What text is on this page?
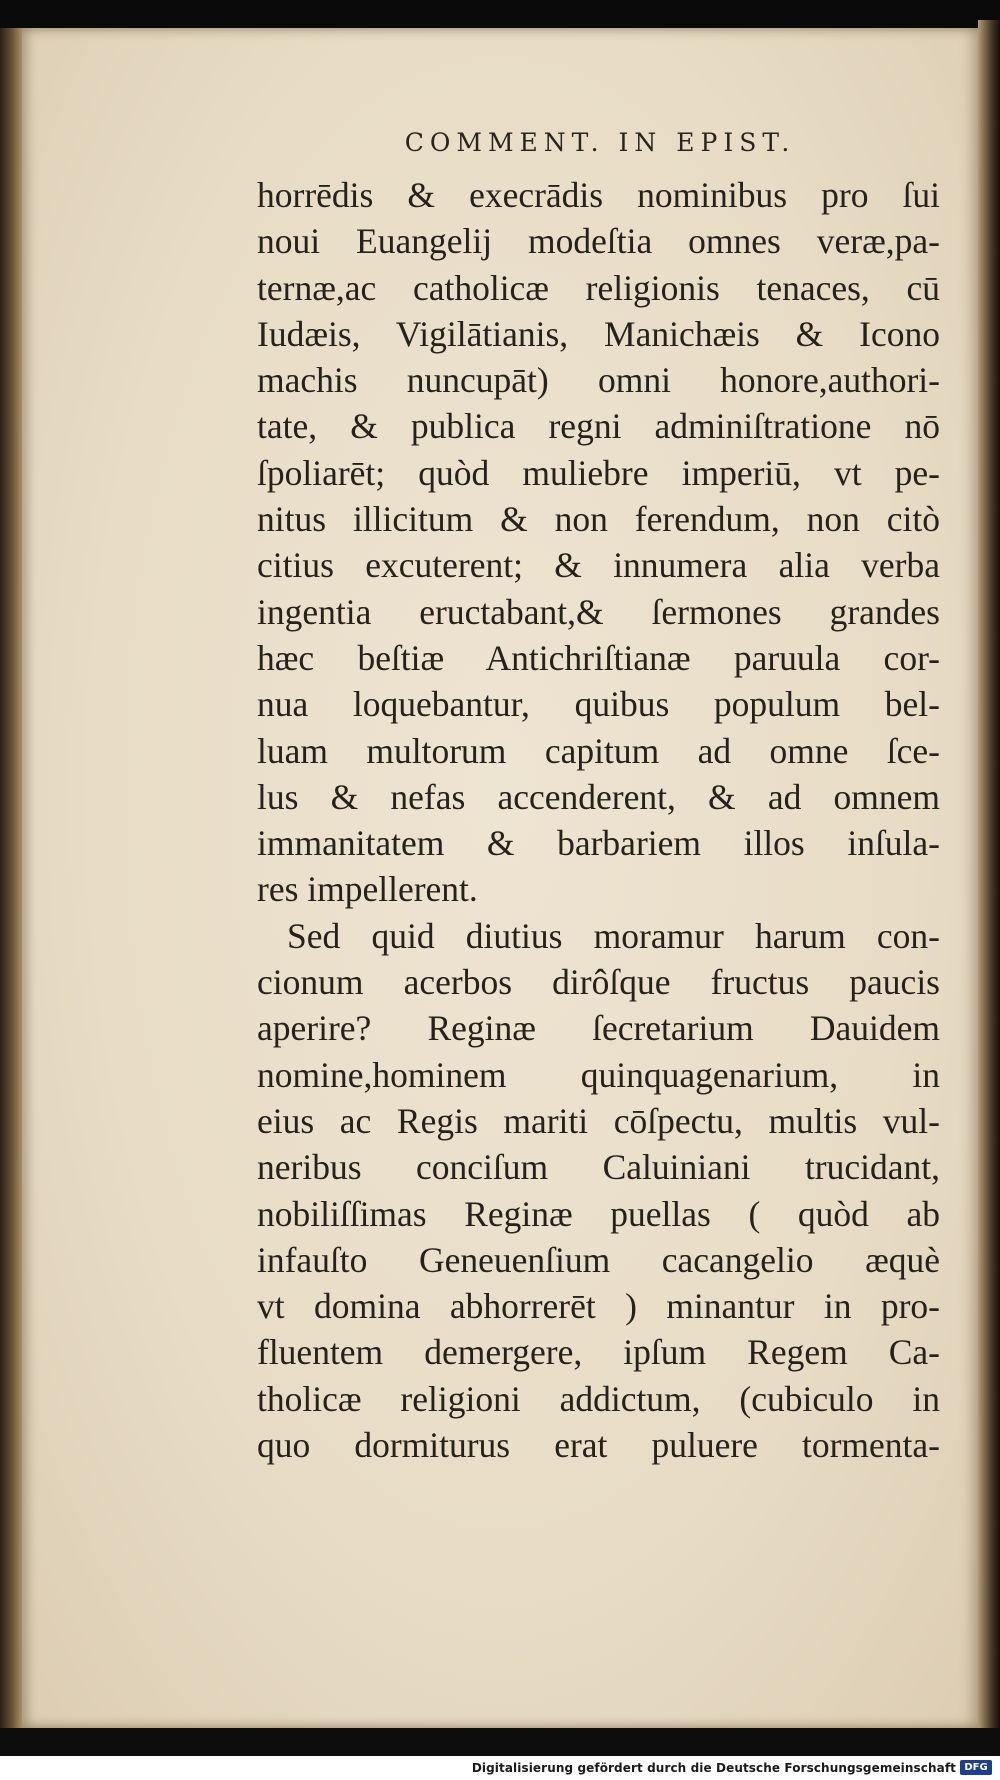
COMMENT. IN EPIST.
horrēdis & execrādis nominibus pro ſui
noui Euangelij modeſtia omnes veræ,pa-
ternæ,ac catholicæ religionis tenaces, cū
Iudæis, Vigilātianis, Manichæis & Icono
machis nuncupāt) omni honore,authori-
tate, & publica regni adminiſtratione nō
ſpoliarēt; quòd muliebre imperiū, vt pe-
nitus illicitum & non ferendum, non citò
citius excuterent; & innumera alia verba
ingentia eructabant,& ſermones grandes
hæc beſtiæ Antichriſtianæ paruula cor-
nua loquebantur, quibus populum bel-
luam multorum capitum ad omne ſce-
lus & nefas accenderent, & ad omnem
immanitatem & barbariem illos inſula-
res impellerent.
Sed quid diutius moramur harum con-
cionum acerbos dirôſque fructus paucis
aperire? Reginæ ſecretarium Dauidem
nomine,hominem quinquagenarium, in
eius ac Regis mariti cōſpectu, multis vul-
neribus conciſum Caluiniani trucidant,
nobiliſſimas Reginæ puellas ( quòd ab
infauſto Geneuenſium cacangelio æquè
vt domina abhorrerēt ) minantur in pro-
fluentem demergere, ipſum Regem Ca-
tholicæ religioni addictum, (cubiculo in
quo dormiturus erat puluere tormenta-
Digitalisierung gefördert durch die Deutsche Forschungsgemeinschaft DFG
